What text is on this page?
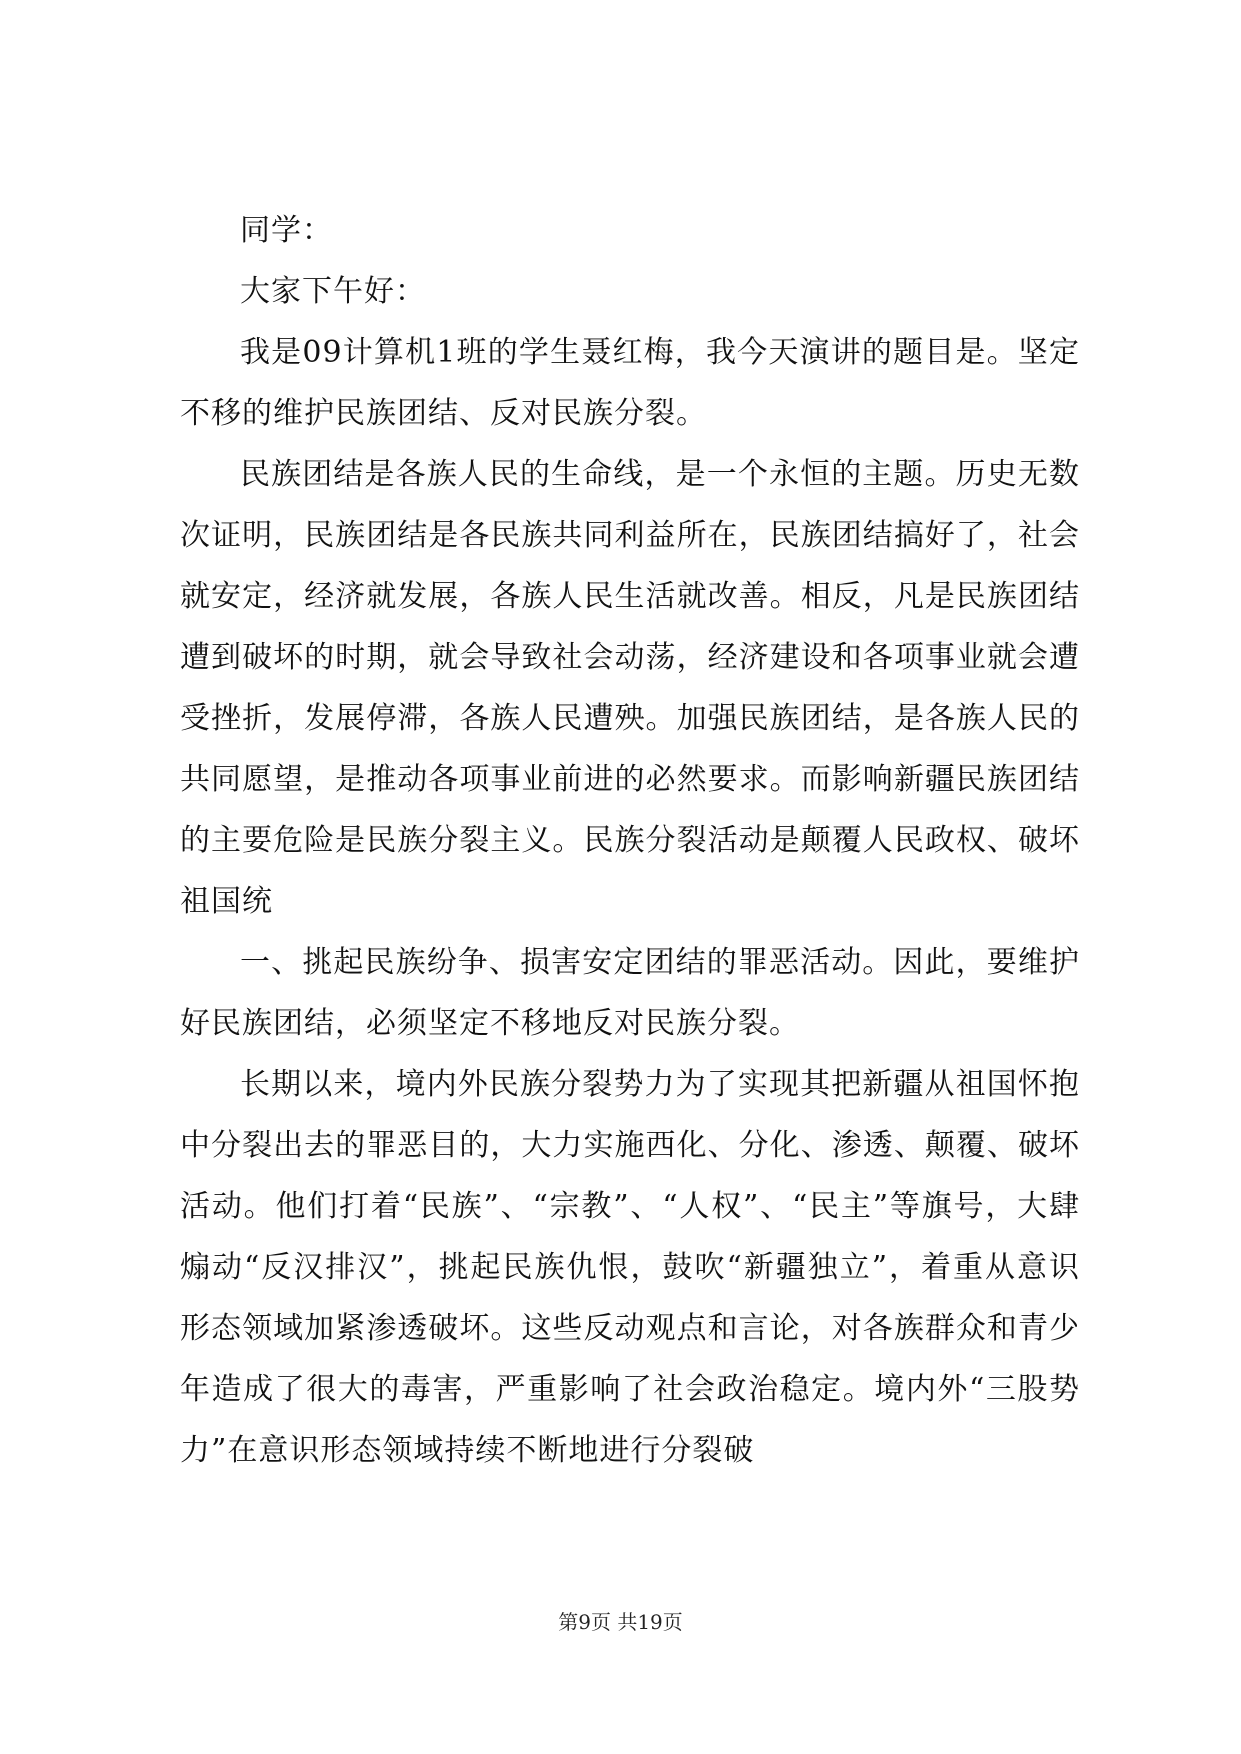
同学：

大家下午好：

我是09计算机1班的学生聂红梅，我今天演讲的题目是。坚定不移的维护民族团结、反对民族分裂。

民族团结是各族人民的生命线，是一个永恒的主题。历史无数次证明，民族团结是各民族共同利益所在，民族团结搞好了，社会就安定，经济就发展，各族人民生活就改善。相反，凡是民族团结遭到破坏的时期，就会导致社会动荡，经济建设和各项事业就会遭受挫折，发展停滞，各族人民遭殃。加强民族团结，是各族人民的共同愿望，是推动各项事业前进的必然要求。而影响新疆民族团结的主要危险是民族分裂主义。民族分裂活动是颠覆人民政权、破坏祖国统

一、挑起民族纷争、损害安定团结的罪恶活动。因此，要维护好民族团结，必须坚定不移地反对民族分裂。

长期以来，境内外民族分裂势力为了实现其把新疆从祖国怀抱中分裂出去的罪恶目的，大力实施西化、分化、渗透、颠覆、破坏活动。他们打着“民族”、“宗教”、“人权”、“民主”等旗号，大肆煽动“反汉排汉”，挑起民族仇恨，鼓吹“新疆独立”，着重从意识形态领域加紧渗透破坏。这些反动观点和言论，对各族群众和青少年造成了很大的毒害，严重影响了社会政治稳定。境内外“三股势力”在意识形态领域持续不断地进行分裂破

第9页 共19页
